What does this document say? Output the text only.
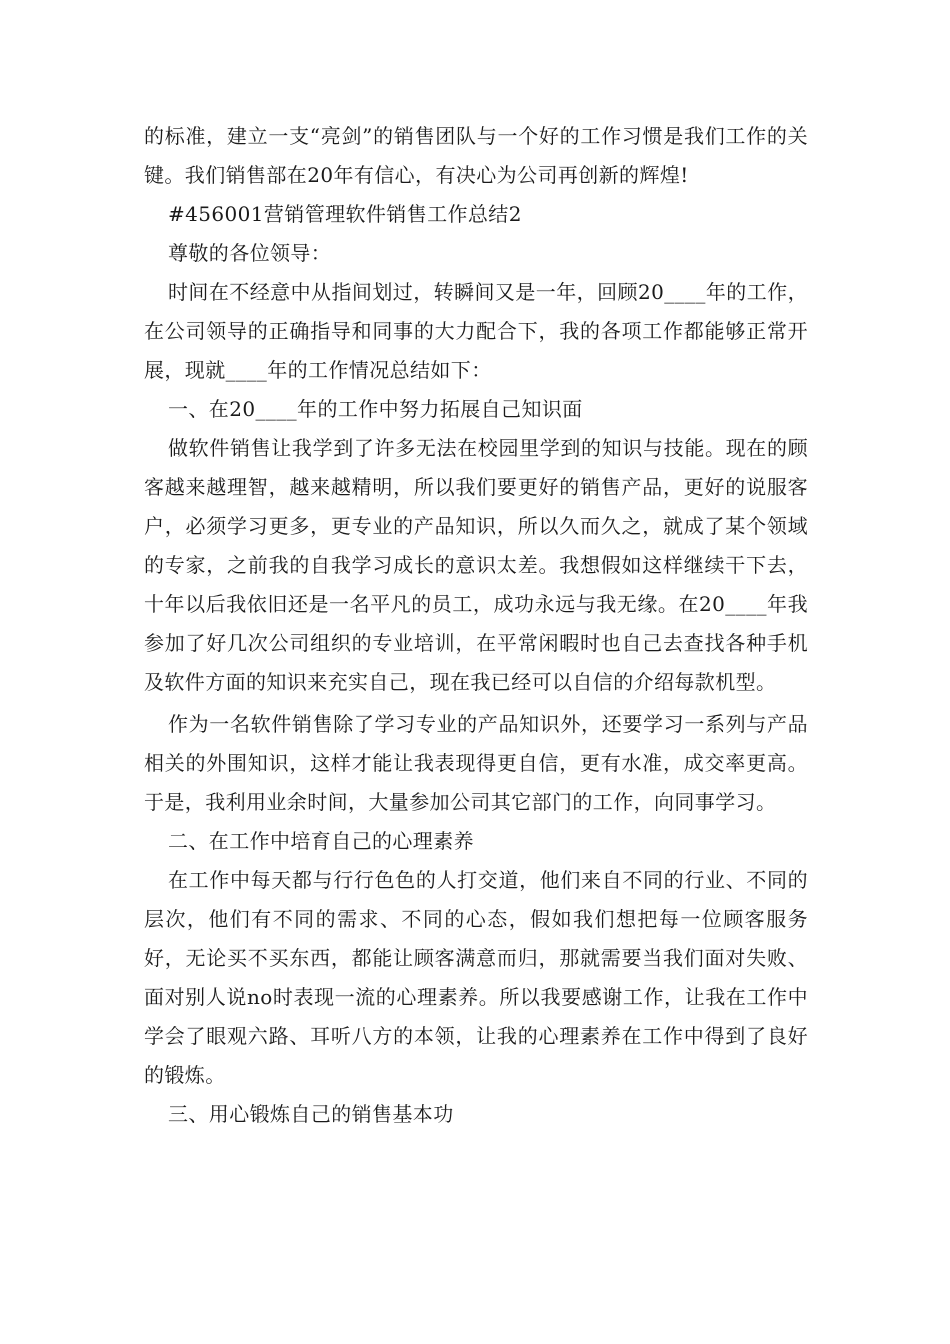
的标准，建立一支“亮剑”的销售团队与一个好的工作习惯是我们工作的关键。我们销售部在20年有信心，有决心为公司再创新的辉煌!

#456001营销管理软件销售工作总结2

尊敬的各位领导：

时间在不经意中从指间划过，转瞬间又是一年，回顾20____年的工作，在公司领导的正确指导和同事的大力配合下，我的各项工作都能够正常开展，现就____年的工作情况总结如下：

一、在20____年的工作中努力拓展自己知识面

做软件销售让我学到了许多无法在校园里学到的知识与技能。现在的顾客越来越理智，越来越精明，所以我们要更好的销售产品，更好的说服客户，必须学习更多，更专业的产品知识，所以久而久之，就成了某个领域的专家，之前我的自我学习成长的意识太差。我想假如这样继续干下去，十年以后我依旧还是一名平凡的员工，成功永远与我无缘。在20____年我参加了好几次公司组织的专业培训，在平常闲暇时也自己去查找各种手机及软件方面的知识来充实自己，现在我已经可以自信的介绍每款机型。

作为一名软件销售除了学习专业的产品知识外，还要学习一系列与产品相关的外围知识，这样才能让我表现得更自信，更有水准，成交率更高。于是，我利用业余时间，大量参加公司其它部门的工作，向同事学习。

二、在工作中培育自己的心理素养

在工作中每天都与行行色色的人打交道，他们来自不同的行业、不同的层次，他们有不同的需求、不同的心态，假如我们想把每一位顾客服务好，无论买不买东西，都能让顾客满意而归，那就需要当我们面对失败、面对别人说no时表现一流的心理素养。所以我要感谢工作，让我在工作中学会了眼观六路、耳听八方的本领，让我的心理素养在工作中得到了良好的锻炼。

三、用心锻炼自己的销售基本功
